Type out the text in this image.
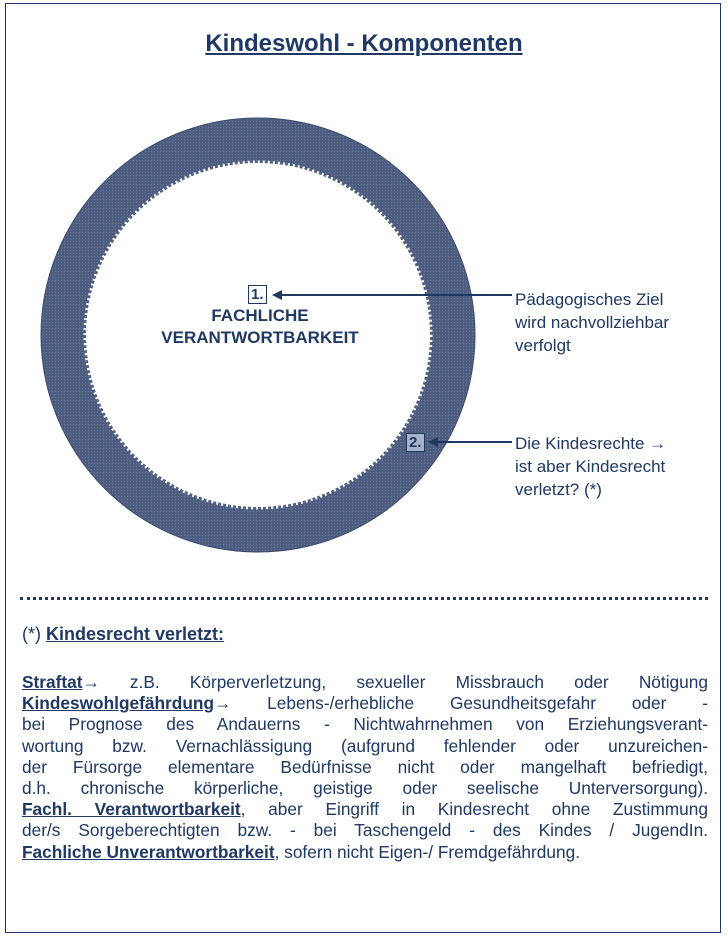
Kindeswohl - Komponenten
1.
FACHLICHE
VERANTWORTBARKEIT
2.
Pädagogisches Ziel
wird nachvollziehbar
verfolgt
Die Kindesrechte →
ist aber Kindesrecht
verletzt? (*)
(*) Kindesrecht verletzt:
Straftat→ z.B. Körperverletzung, sexueller Missbrauch oder Nötigung
Kindeswohlgefährdung→ Lebens-/erhebliche Gesundheitsgefahr oder -
bei Prognose des Andauerns - Nichtwahrnehmen von Erziehungsverant-
wortung bzw. Vernachlässigung (aufgrund fehlender oder unzureichen-
der Fürsorge elementare Bedürfnisse nicht oder mangelhaft befriedigt,
d.h. chronische körperliche, geistige oder seelische Unterversorgung).
Fachl. Verantwortbarkeit, aber Eingriff in Kindesrecht ohne Zustimmung
der/s Sorgeberechtigten bzw. - bei Taschengeld - des Kindes / JugendIn.
Fachliche Unverantwortbarkeit, sofern nicht Eigen-/ Fremdgefährdung.
